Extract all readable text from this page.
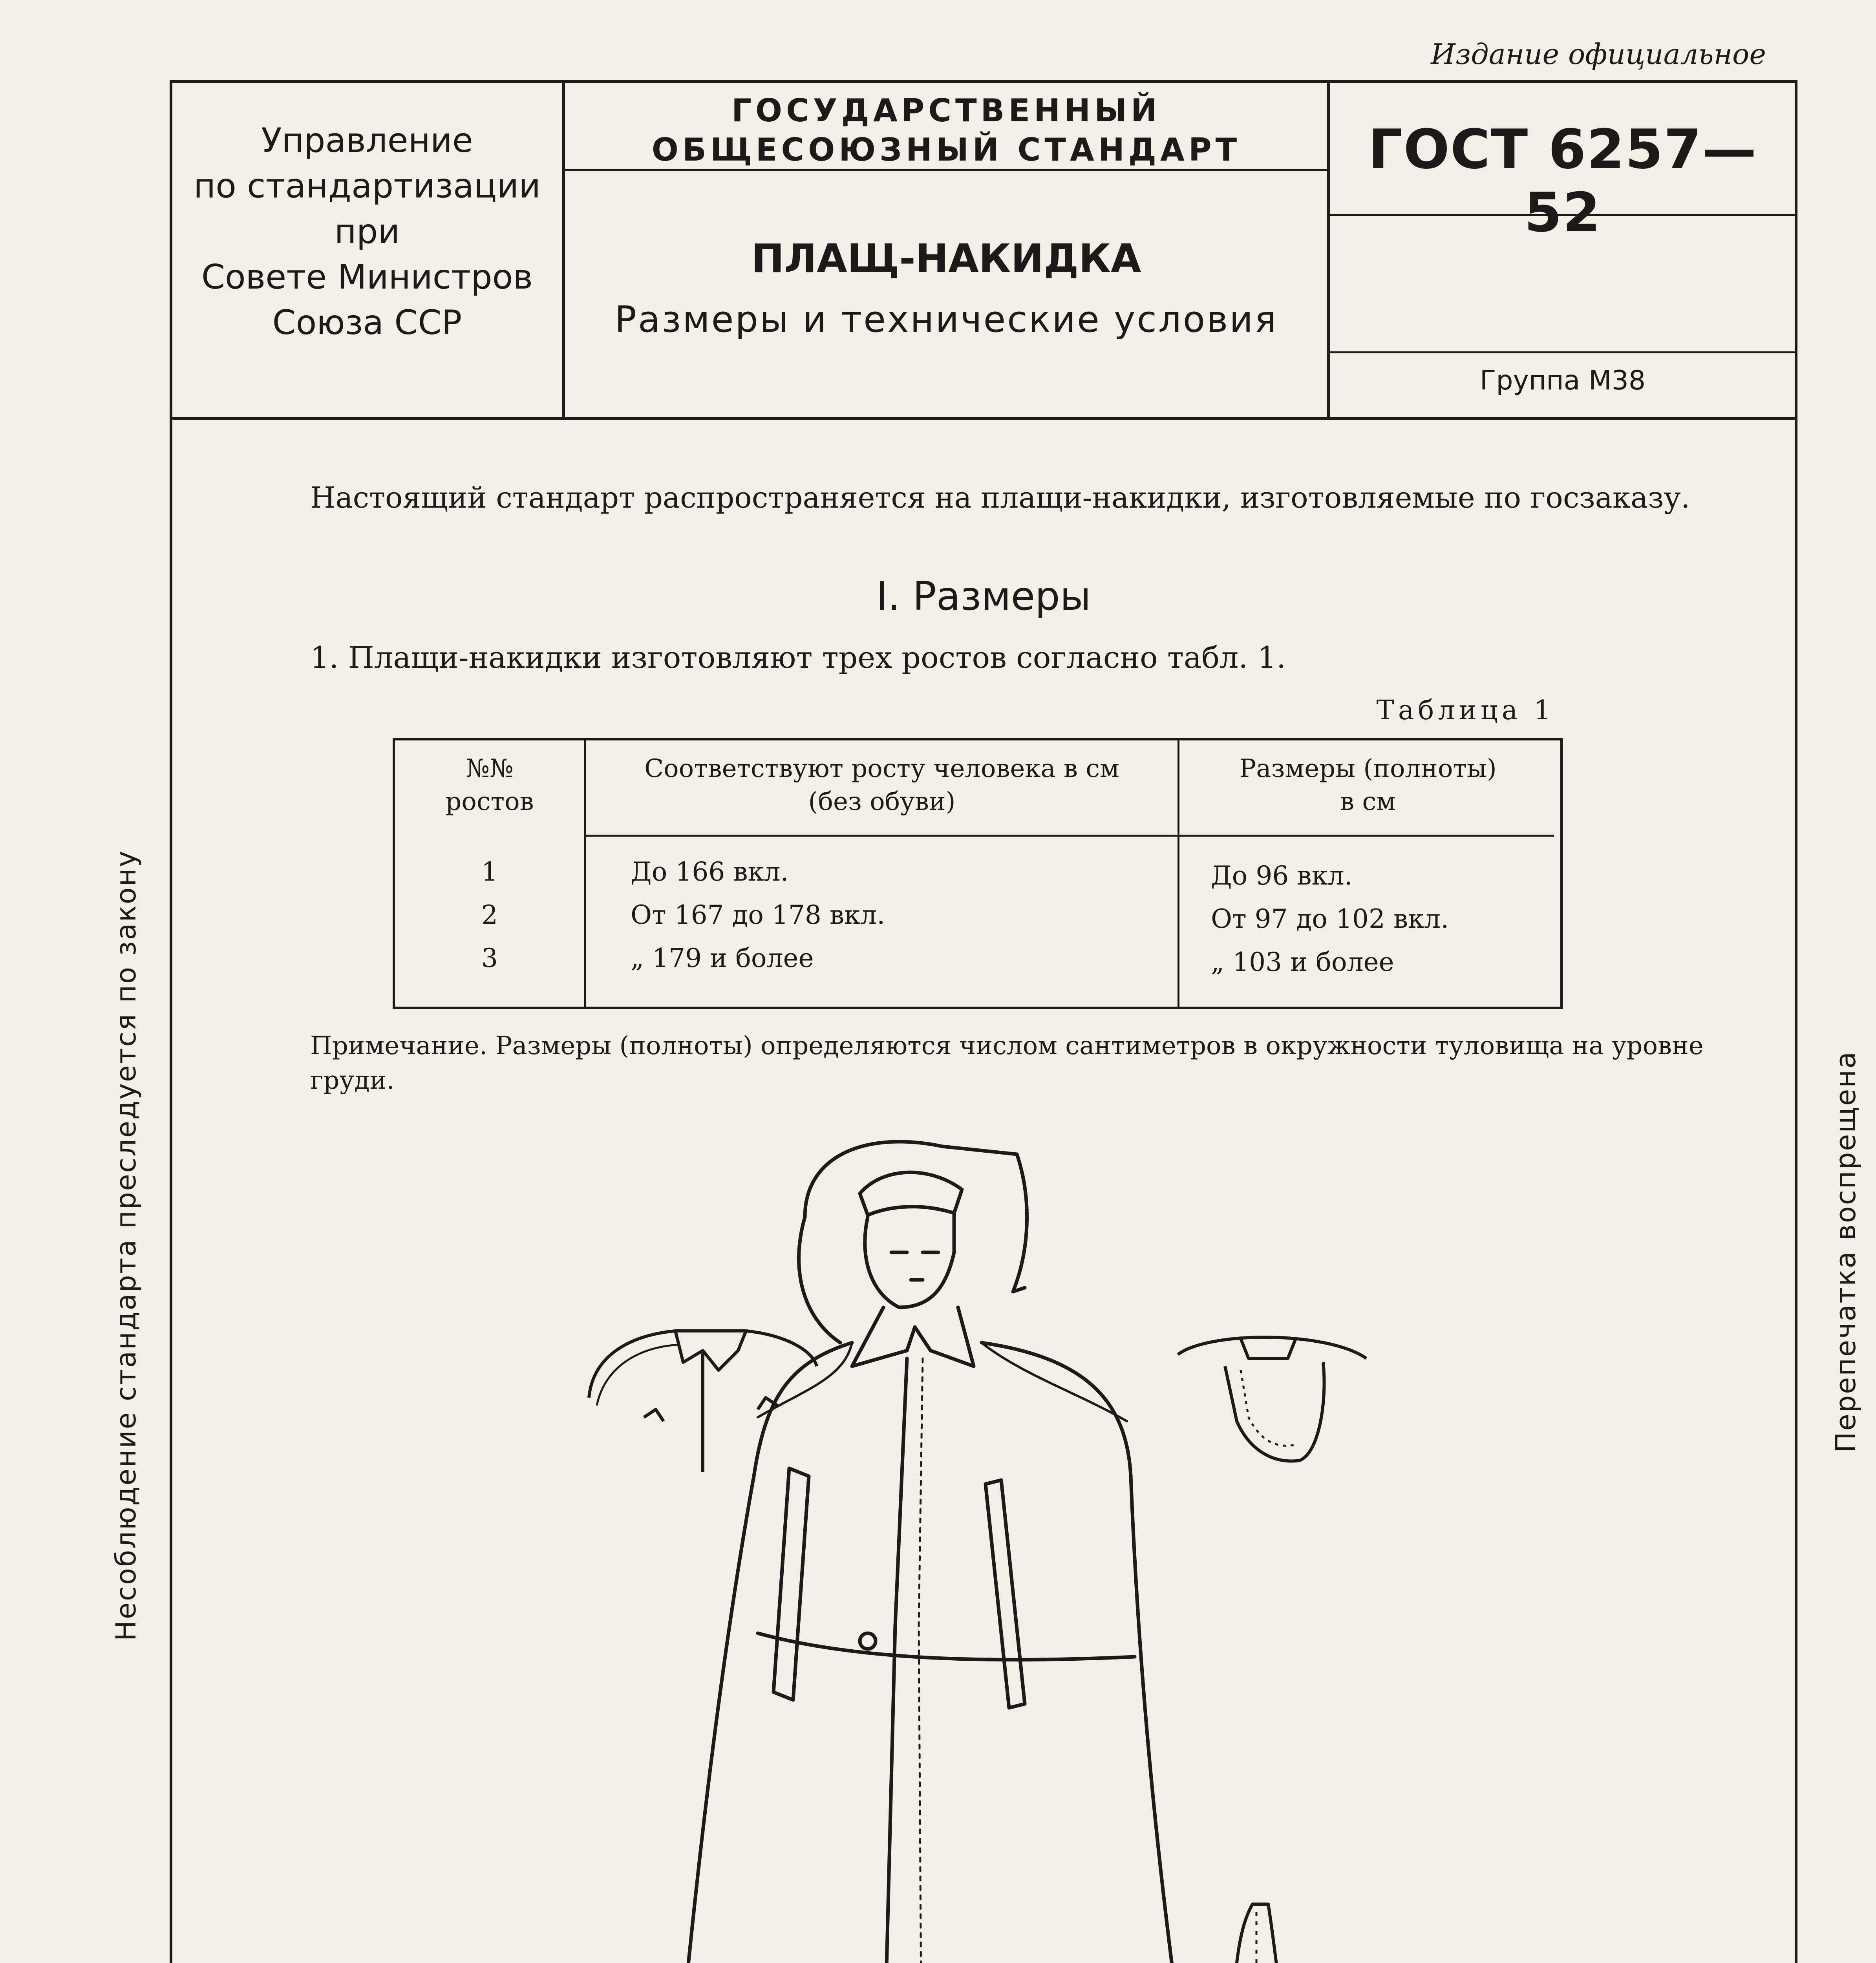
Издание официальное
Управление
по стандартизации
при
Совете Министров
Союза ССР
ГОСУДАРСТВЕННЫЙ
ОБЩЕСОЮЗНЫЙ СТАНДАРТ
ПЛАЩ-НАКИДКА
Размеры и технические условия
ГОСТ 6257—52
Группа М38
Несоблюдение стандарта преследуется по закону	Перепечатка воспрещена
Настоящий стандарт распространяется на плащи-накидки, изготовляемые по госзаказу.
I. Размеры
1. Плащи-накидки изготовляют трех ростов согласно табл. 1.
Таблица 1
№№
ростов
Соответствуют росту человека в см
(без обуви)
Размеры (полноты)
в см
1
2
3
До 166 вкл.
От 167 до 178 вкл.
„ 179 и более
До 96 вкл.
От 97 до 102 вкл.
„ 103 и более
Примечание. Размеры (полноты) определяются числом сантиметров в окружности туловища на уровне груди.
